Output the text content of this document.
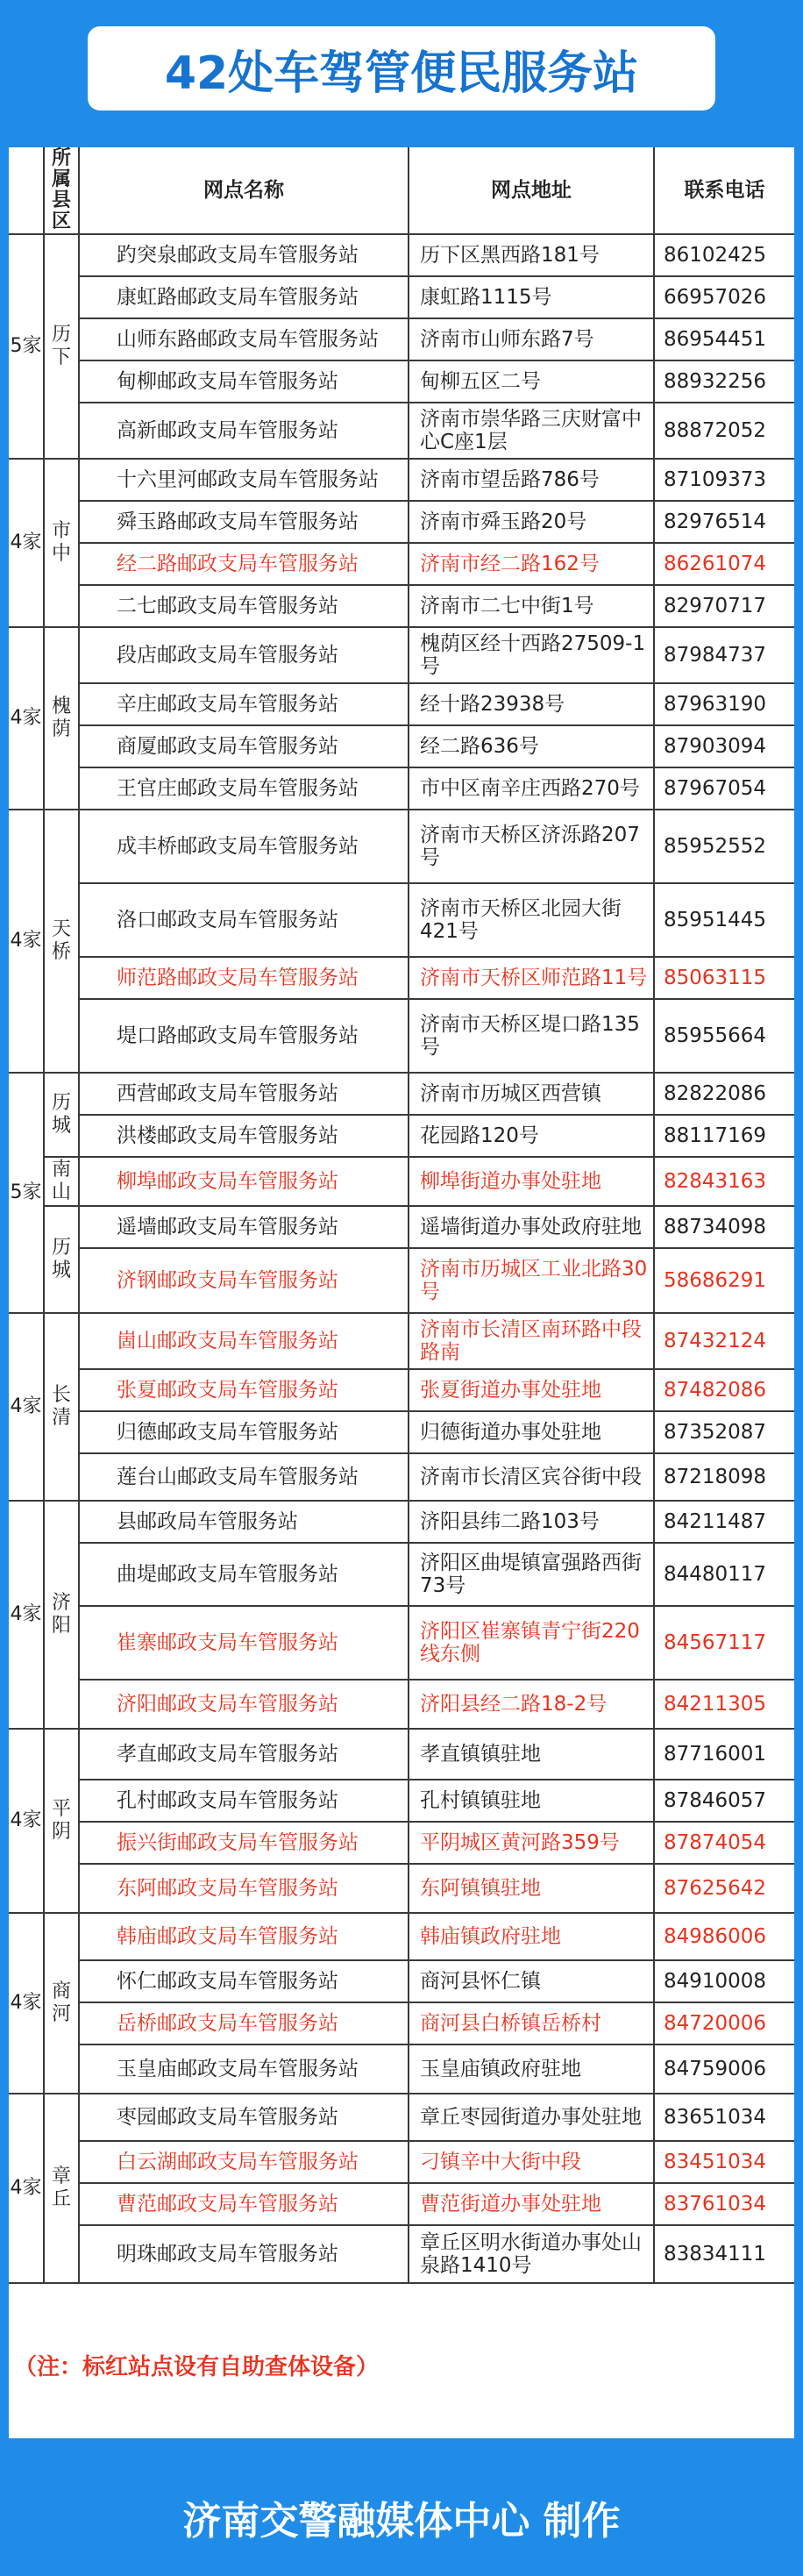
42处车驾管便民服务站
	所属县区	网点名称	网点地址	联系电话
5家	历下	趵突泉邮政支局车管服务站	历下区黑西路181号	86102425
		康虹路邮政支局车管服务站	康虹路1115号	66957026
		山师东路邮政支局车管服务站	济南市山师东路7号	86954451
		甸柳邮政支局车管服务站	甸柳五区二号	88932256
		高新邮政支局车管服务站	济南市崇华路三庆财富中心C座1层	88872052
4家	市中	十六里河邮政支局车管服务站	济南市望岳路786号	87109373
		舜玉路邮政支局车管服务站	济南市舜玉路20号	82976514
		经二路邮政支局车管服务站	济南市经二路162号	86261074
		二七邮政支局车管服务站	济南市二七中街1号	82970717
4家	槐荫	段店邮政支局车管服务站	槐荫区经十西路27509-1号	87984737
		辛庄邮政支局车管服务站	经十路23938号	87963190
		商厦邮政支局车管服务站	经二路636号	87903094
		王官庄邮政支局车管服务站	市中区南辛庄西路270号	87967054
4家	天桥	成丰桥邮政支局车管服务站	济南市天桥区济泺路207号	85952552
		洛口邮政支局车管服务站	济南市天桥区北园大街421号	85951445
		师范路邮政支局车管服务站	济南市天桥区师范路11号	85063115
		堤口路邮政支局车管服务站	济南市天桥区堤口路135号	85955664
5家	历城	西营邮政支局车管服务站	济南市历城区西营镇	82822086
		洪楼邮政支局车管服务站	花园路120号	88117169
	南山	柳埠邮政支局车管服务站	柳埠街道办事处驻地	82843163
	历城	遥墙邮政支局车管服务站	遥墙街道办事处政府驻地	88734098
		济钢邮政支局车管服务站	济南市历城区工业北路30号	58686291
4家	长清	崮山邮政支局车管服务站	济南市长清区南环路中段路南	87432124
		张夏邮政支局车管服务站	张夏街道办事处驻地	87482086
		归德邮政支局车管服务站	归德街道办事处驻地	87352087
		莲台山邮政支局车管服务站	济南市长清区宾谷街中段	87218098
4家	济阳	县邮政局车管服务站	济阳县纬二路103号	84211487
		曲堤邮政支局车管服务站	济阳区曲堤镇富强路西街73号	84480117
		崔寨邮政支局车管服务站	济阳区崔寨镇青宁街220线东侧	84567117
		济阳邮政支局车管服务站	济阳县经二路18-2号	84211305
4家	平阴	孝直邮政支局车管服务站	孝直镇镇驻地	87716001
		孔村邮政支局车管服务站	孔村镇镇驻地	87846057
		振兴街邮政支局车管服务站	平阴城区黄河路359号	87874054
		东阿邮政支局车管服务站	东阿镇镇驻地	87625642
4家	商河	韩庙邮政支局车管服务站	韩庙镇政府驻地	84986006
		怀仁邮政支局车管服务站	商河县怀仁镇	84910008
		岳桥邮政支局车管服务站	商河县白桥镇岳桥村	84720006
		玉皇庙邮政支局车管服务站	玉皇庙镇政府驻地	84759006
4家	章丘	枣园邮政支局车管服务站	章丘枣园街道办事处驻地	83651034
		白云湖邮政支局车管服务站	刁镇辛中大街中段	83451034
		曹范邮政支局车管服务站	曹范街道办事处驻地	83761034
		明珠邮政支局车管服务站	章丘区明水街道办事处山泉路1410号	83834111
（注：标红站点设有自助查体设备）
济南交警融媒体中心 制作
